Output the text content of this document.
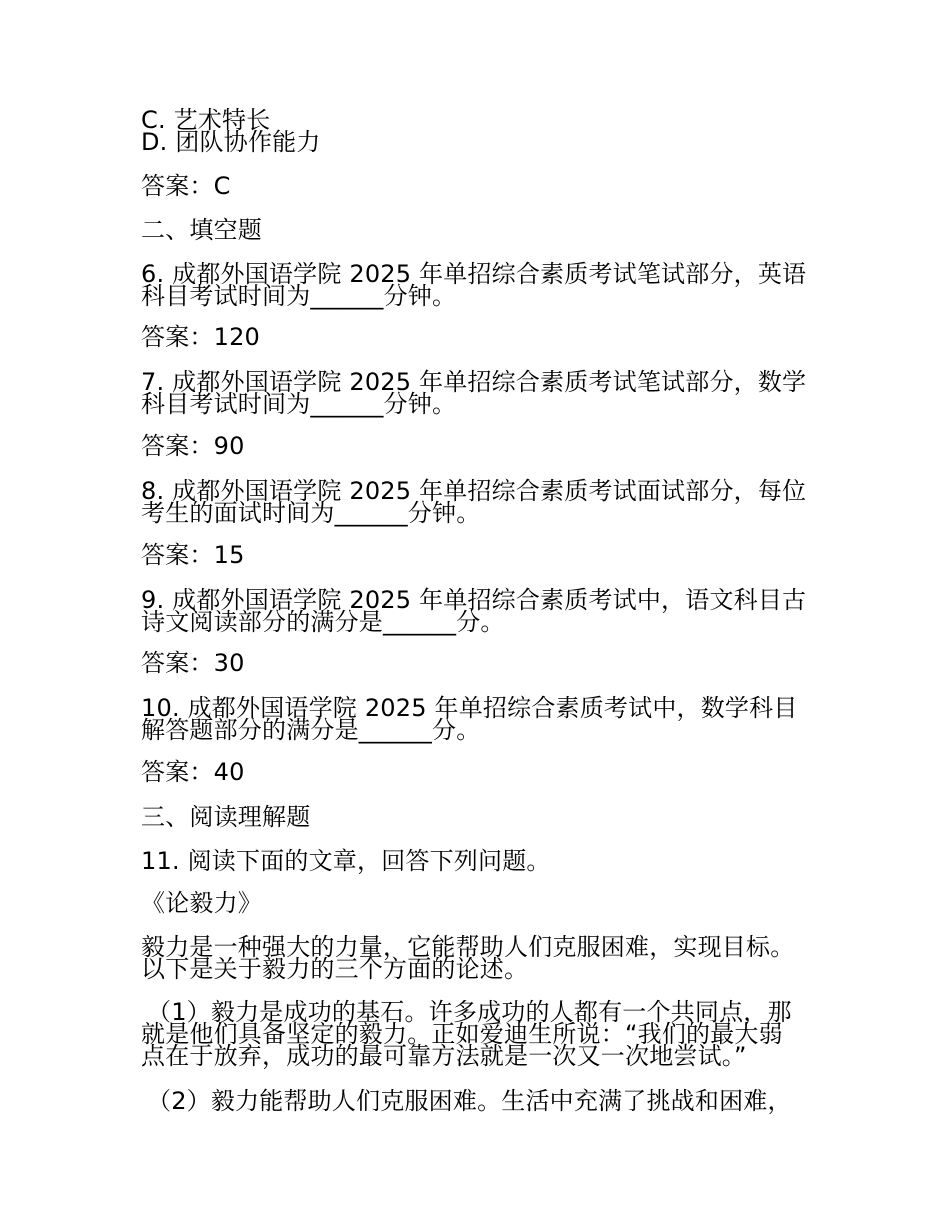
C. 艺术特长
D. 团队协作能力
答案：C
二、填空题
6. 成都外国语学院 2025 年单招综合素质考试笔试部分，英语
科目考试时间为______分钟。
答案：120
7. 成都外国语学院 2025 年单招综合素质考试笔试部分，数学
科目考试时间为______分钟。
答案：90
8. 成都外国语学院 2025 年单招综合素质考试面试部分，每位
考生的面试时间为______分钟。
答案：15
9. 成都外国语学院 2025 年单招综合素质考试中，语文科目古
诗文阅读部分的满分是______分。
答案：30
10. 成都外国语学院 2025 年单招综合素质考试中，数学科目
解答题部分的满分是______分。
答案：40
三、阅读理解题
11. 阅读下面的文章，回答下列问题。
《论毅力》
毅力是一种强大的力量，它能帮助人们克服困难，实现目标。
以下是关于毅力的三个方面的论述。
（1）毅力是成功的基石。许多成功的人都有一个共同点，那
就是他们具备坚定的毅力。正如爱迪生所说：“我们的最大弱
点在于放弃，成功的最可靠方法就是一次又一次地尝试。”
（2）毅力能帮助人们克服困难。生活中充满了挑战和困难，
